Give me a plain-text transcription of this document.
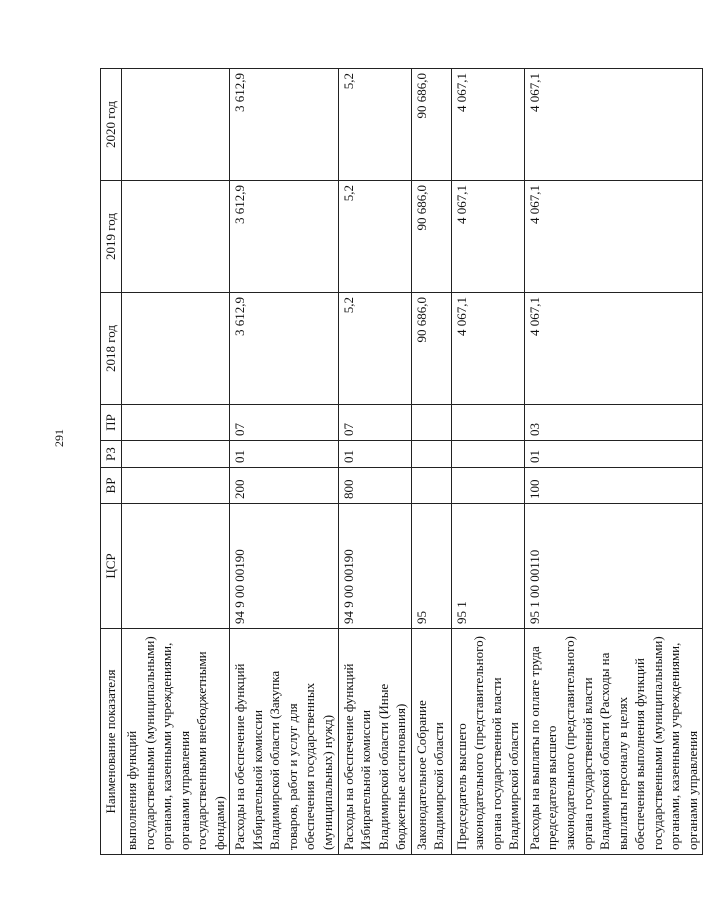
291
Наименование показателя	ЦСР	ВР	РЗ	ПР	2018 год	2019 год	2020 год
выполнения функций государственными (муниципальными) органами, казенными учреждениями, органами управления государственными внебюджетными фондами)							
Расходы на обеспечение функций Избирательной комиссии Владимирской области (Закупка товаров, работ и услуг для обеспечения государственных (муниципальных) нужд)	94 9 00 00190	200	01	07	3 612,9	3 612,9	3 612,9
Расходы на обеспечение функций Избирательной комиссии Владимирской области (Иные бюджетные ассигнования)	94 9 00 00190	800	01	07	5,2	5,2	5,2
Законодательное Собрание Владимирской области	95				90 686,0	90 686,0	90 686,0
Председатель высшего законодательного (представительного) органа государственной власти Владимирской области	95 1				4 067,1	4 067,1	4 067,1
Расходы на выплаты по оплате труда председателя высшего законодательного (представительного) органа государственной власти Владимирской области (Расходы на выплаты персоналу в целях обеспечения выполнения функций государственными (муниципальными) органами, казенными учреждениями, органами управления	95 1 00 00110	100	01	03	4 067,1	4 067,1	4 067,1
